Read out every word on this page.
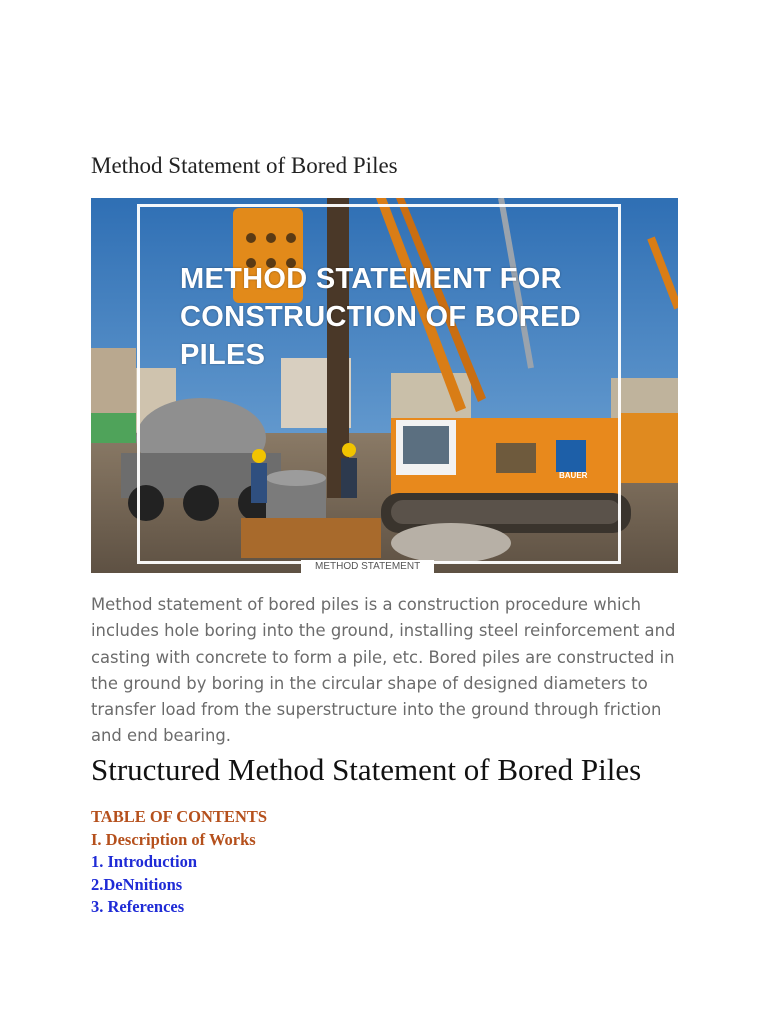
Method Statement of Bored Piles
BAUER
METHOD STATEMENT FOR CONSTRUCTION OF BORED PILES
METHOD STATEMENT

Method statement of bored piles is a construction procedure which includes hole boring into the ground, installing steel reinforcement and casting with concrete to form a pile, etc. Bored piles are constructed in the ground by boring in the circular shape of designed diameters to transfer load from the superstructure into the ground through friction and end bearing.

Structured Method Statement of Bored Piles
TABLE OF CONTENTS
I. Description of Works
1. Introduction
2.DeNnitions
3. References
